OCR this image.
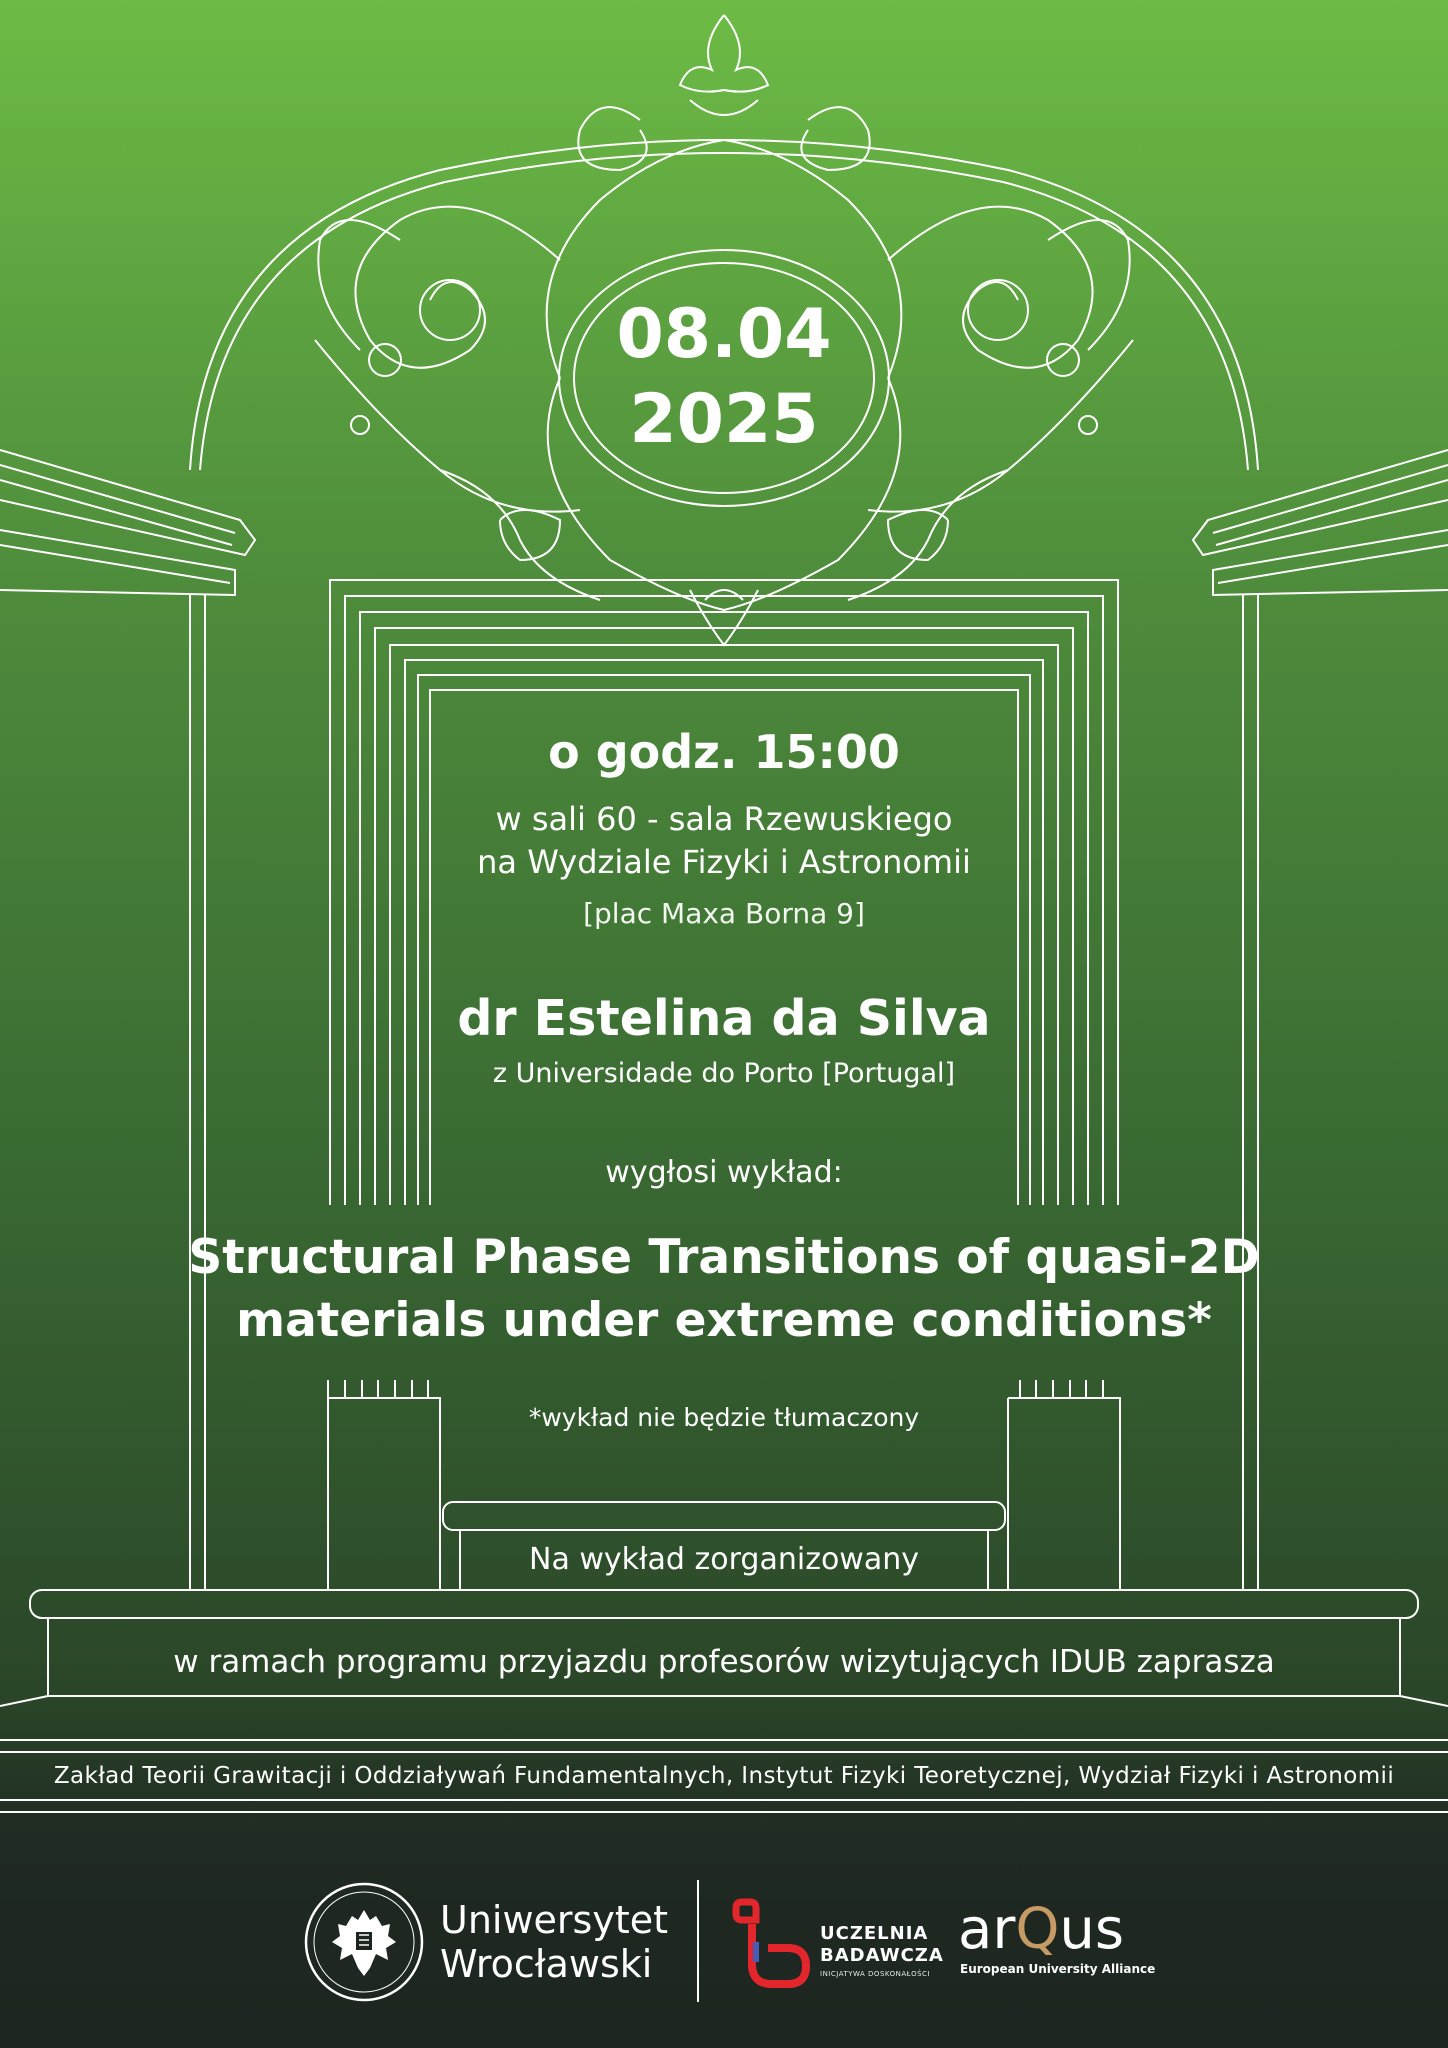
08.04
2025
o godz. 15:00
w sali 60 - sala Rzewuskiego
na Wydziale Fizyki i Astronomii
[plac Maxa Borna 9]
dr Estelina da Silva
z Universidade do Porto [Portugal]
wygłosi wykład:
Structural Phase Transitions of quasi-2D
materials under extreme conditions*
*wykład nie będzie tłumaczony
Na wykład zorganizowany
w ramach programu przyjazdu profesorów wizytujących IDUB zaprasza
Zakład Teorii Grawitacji i Oddziaływań Fundamentalnych, Instytut Fizyki Teoretycznej, Wydział Fizyki i Astronomii
Uniwersytet
Wrocławski
UCZELNIA
BADAWCZA
INICJATYWA DOSKONAŁOŚCI
arQus
European University Alliance
